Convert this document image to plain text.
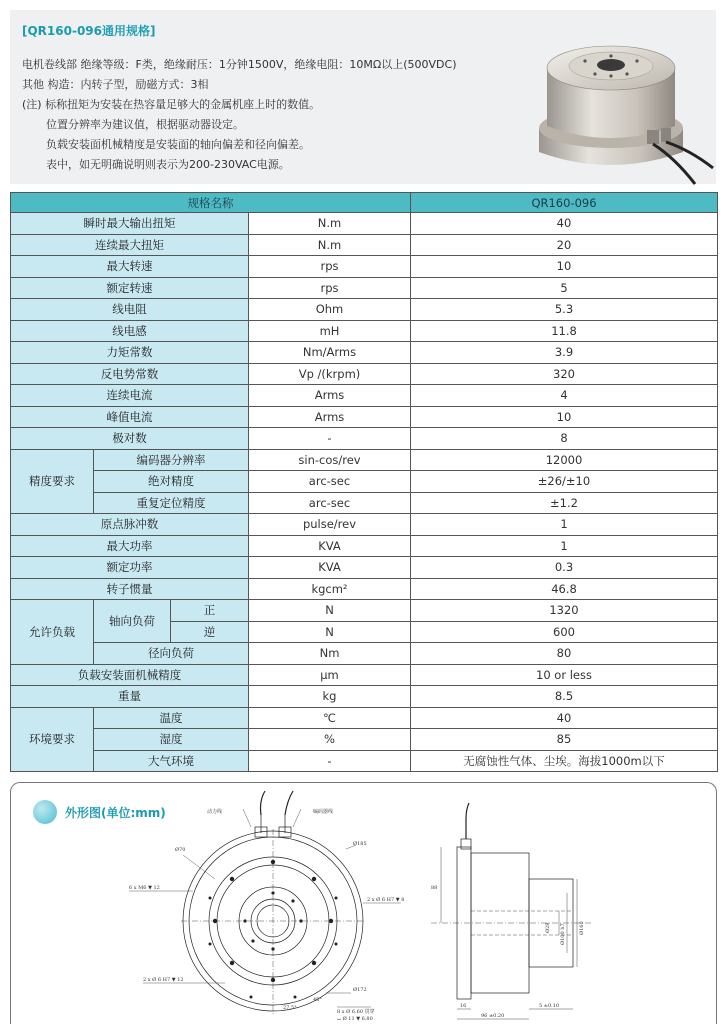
[QR160-096通用规格]
电机卷线部 绝缘等级：F类，绝缘耐压：1分钟1500V，绝缘电阻：10MΩ以上(500VDC)
其他 构造：内转子型，励磁方式：3相
(注) 标称扭矩为安装在热容量足够大的金属机座上时的数值。
位置分辨率为建议值，根据驱动器设定。
负载安装面机械精度是安装面的轴向偏差和径向偏差。
表中，如无明确说明则表示为200-230VAC电源。
规格名称				QR160-096
瞬时最大输出扭矩			N.m	40
连续最大扭矩			N.m	20
最大转速			rps	10
额定转速			rps	5
线电阻			Ohm	5.3
线电感			mH	11.8
力矩常数			Nm/Arms	3.9
反电势常数			Vp /(krpm)	320
连续电流			Arms	4
峰值电流			Arms	10
极对数			-	8
精度要求	编码器分辨率		sin-cos/rev	12000
	绝对精度		arc-sec	±26/±10
	重复定位精度		arc-sec	±1.2
原点脉冲数			pulse/rev	1
最大功率			KVA	1
额定功率			KVA	0.3
转子惯量			kgcm²	46.8
允许负载	轴向负荷	正	N	1320
		逆	N	600
	径向负荷		Nm	80
负载安装面机械精度			μm	10 or less
重量			kg	8.5
环境要求	温度		℃	40
	湿度		%	85
	大气环境		-	无腐蚀性气体、尘埃。海拔1000m以下
外形图(单位:mm)	动力线	编码器线
Ø70
Ø185
6 x M6 ▼ 12
2 x Ø 6 H7 ▼ 8
2 x Ø 6 H7 ▼ 12
Ø172
27.5°
45°
8 x Ø 6.60 贯穿
⌴ Ø 11 ▼ 6.80
88
Ø28 Ø100 h7	Ø160
16	5 ±0.10
96 ±0.20
